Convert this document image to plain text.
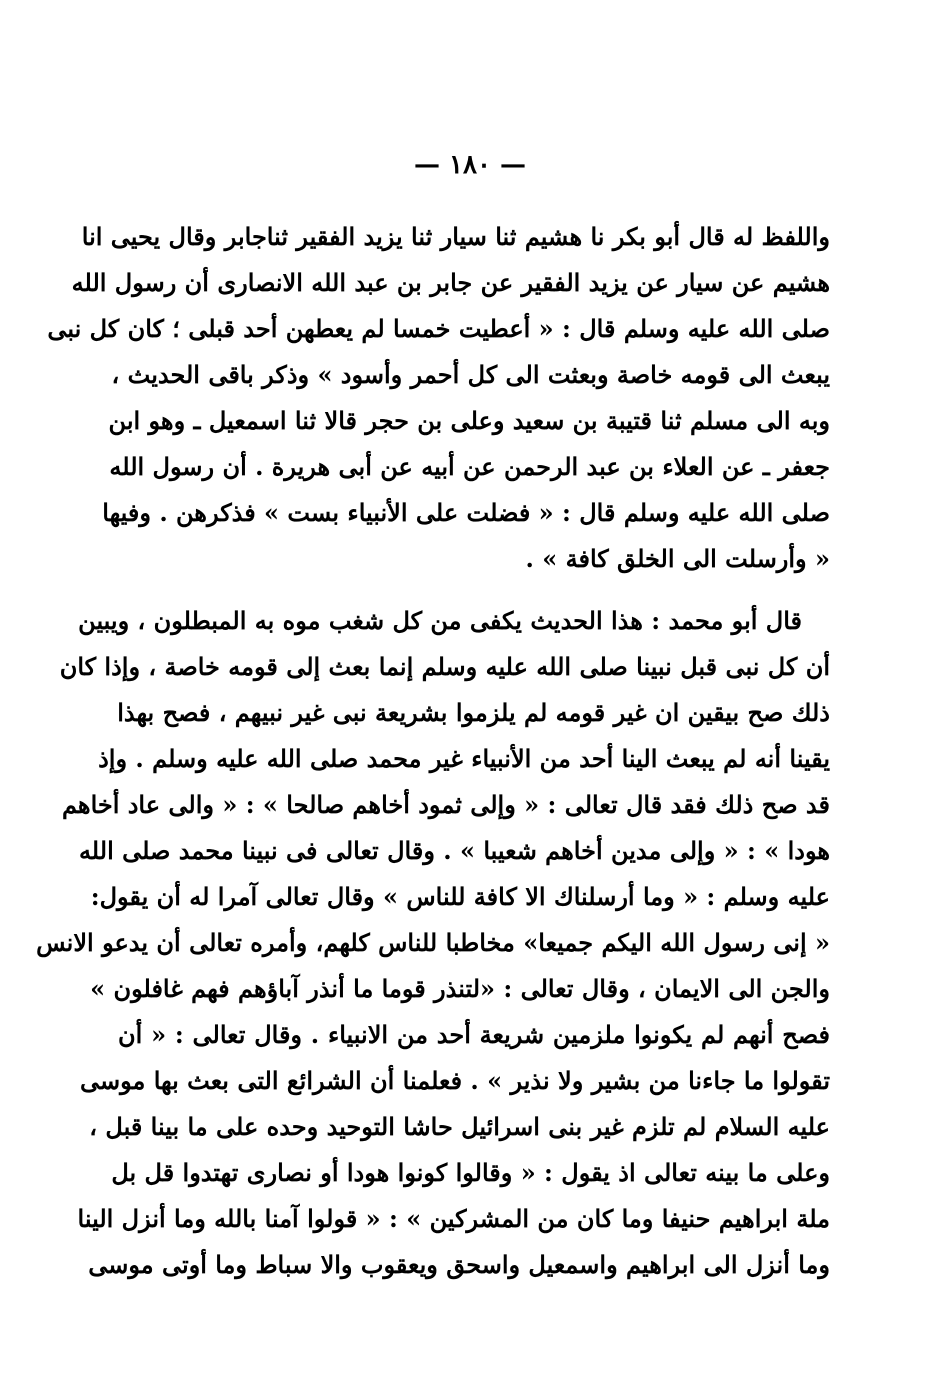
— ١٨٠ —
واللفظ له قال أبو بكر نا هشيم ثنا سيار ثنا يزيد الفقير ثناجابر وقال يحيى انا
هشيم عن سيار عن يزيد الفقير عن جابر بن عبد الله الانصارى أن رسول الله
صلى الله عليه وسلم قال : « أعطيت خمسا لم يعطهن أحد قبلى ؛ كان كل نبى
يبعث الى قومه خاصة وبعثت الى كل أحمر وأسود » وذكر باقى الحديث ،
وبه الى مسلم ثنا قتيبة بن سعيد وعلى بن حجر قالا ثنا اسمعيل ـ وهو ابن
جعفر ـ عن العلاء بن عبد الرحمن عن أبيه عن أبى هريرة . أن رسول الله
صلى الله عليه وسلم قال : « فضلت على الأنبياء بست » فذكرهن . وفيها
« وأرسلت الى الخلق كافة » .
قال أبو محمد : هذا الحديث يكفى من كل شغب موه به المبطلون ، ويبين
أن كل نبى قبل نبينا صلى الله عليه وسلم إنما بعث إلى قومه خاصة ، وإذا كان
ذلك صح بيقين ان غير قومه لم يلزموا بشريعة نبى غير نبيهم ، فصح بهذا
يقينا أنه لم يبعث الينا أحد من الأنبياء غير محمد صلى الله عليه وسلم . وإذ
قد صح ذلك فقد قال تعالى : « وإلى ثمود أخاهم صالحا » : « والى عاد أخاهم
هودا » : « وإلى مدين أخاهم شعيبا » . وقال تعالى فى نبينا محمد صلى الله
عليه وسلم : « وما أرسلناك الا كافة للناس » وقال تعالى آمرا له أن يقول:
« إنى رسول الله اليكم جميعا» مخاطبا للناس كلهم، وأمره تعالى أن يدعو الانس
والجن الى الايمان ، وقال تعالى : «لتنذر قوما ما أنذر آباؤهم فهم غافلون »
فصح أنهم لم يكونوا ملزمين شريعة أحد من الانبياء . وقال تعالى : « أن
تقولوا ما جاءنا من بشير ولا نذير » . فعلمنا أن الشرائع التى بعث بها موسى
عليه السلام لم تلزم غير بنى اسرائيل حاشا التوحيد وحده على ما بينا قبل ،
وعلى ما بينه تعالى اذ يقول : « وقالوا كونوا هودا أو نصارى تهتدوا قل بل
ملة ابراهيم حنيفا وما كان من المشركين » : « قولوا آمنا بالله وما أنزل الينا
وما أنزل الى ابراهيم واسمعيل واسحق ويعقوب والا سباط وما أوتى موسى
